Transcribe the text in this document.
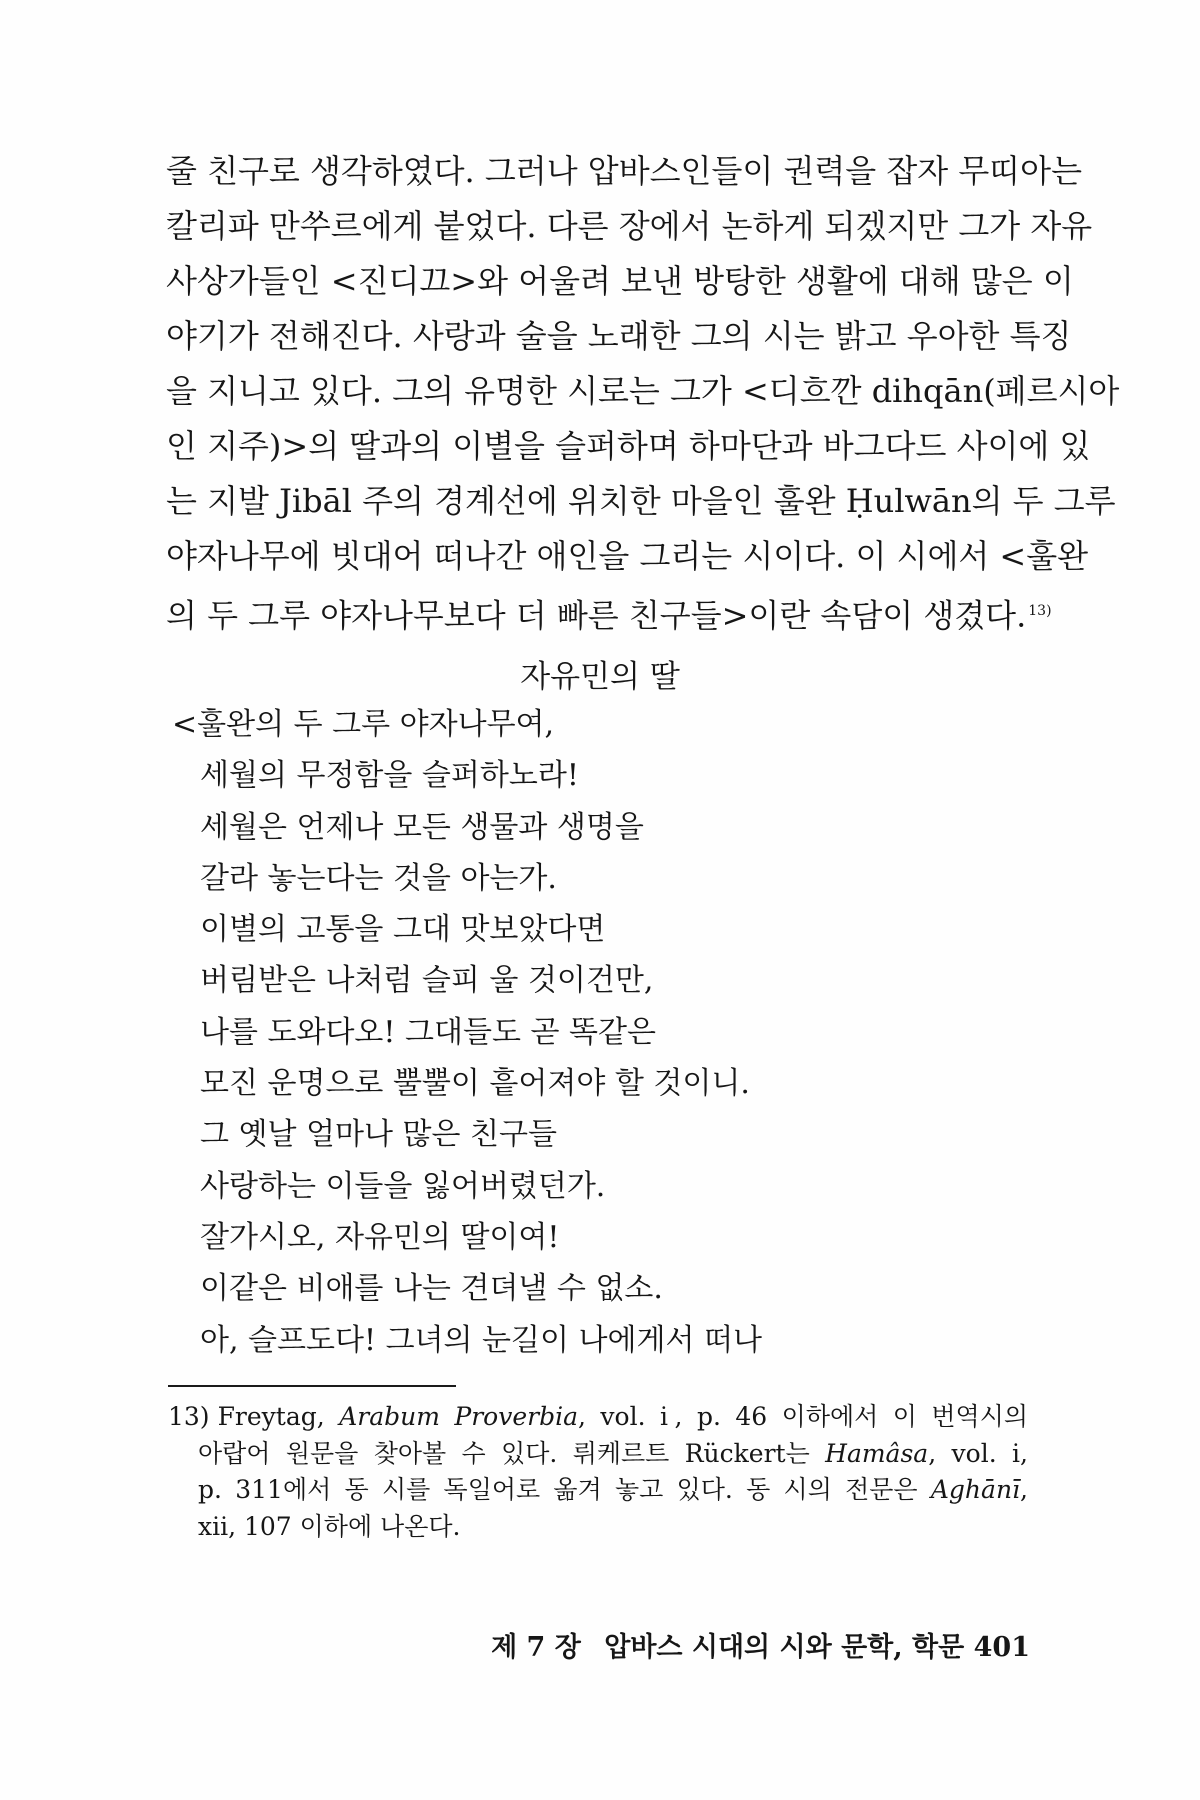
줄 친구로 생각하였다. 그러나 압바스인들이 권력을 잡자 무띠아는
칼리파 만쑤르에게 붙었다. 다른 장에서 논하게 되겠지만 그가 자유
사상가들인 <진디끄>와 어울려 보낸 방탕한 생활에 대해 많은 이
야기가 전해진다. 사랑과 술을 노래한 그의 시는 밝고 우아한 특징
을 지니고 있다. 그의 유명한 시로는 그가 <디흐깐 dihqān(페르시아
인 지주)>의 딸과의 이별을 슬퍼하며 하마단과 바그다드 사이에 있
는 지발 Jibāl 주의 경계선에 위치한 마을인 훌완 Ḥulwān의 두 그루
야자나무에 빗대어 떠나간 애인을 그리는 시이다. 이 시에서 <훌완
의 두 그루 야자나무보다 더 빠른 친구들>이란 속담이 생겼다. $^{13)}$
자유민의 딸
<훌완의 두 그루 야자나무여,
세월의 무정함을 슬퍼하노라!
세월은 언제나 모든 생물과 생명을
갈라 놓는다는 것을 아는가.
이별의 고통을 그대 맛보았다면
버림받은 나처럼 슬피 울 것이건만,
나를 도와다오! 그대들도 곧 똑같은
모진 운명으로 뿔뿔이 흩어져야 할 것이니.
그 옛날 얼마나 많은 친구들
사랑하는 이들을 잃어버렸던가.
잘가시오, 자유민의 딸이여!
이같은 비애를 나는 견뎌낼 수 없소.
아, 슬프도다! 그녀의 눈길이 나에게서 떠나
13) Freytag, Arabum Proverbia, vol. ⅰ, p. 46 이하에서 이 번역시의
아랍어 원문을 찾아볼 수 있다. 뤼케르트 Rückert는 Hamâsa, vol. i,
p. 311에서 동 시를 독일어로 옮겨 놓고 있다. 동 시의 전문은 Aghānī,
xii, 107 이하에 나온다.
제 7 장 압바스 시대의 시와 문학, 학문 401
